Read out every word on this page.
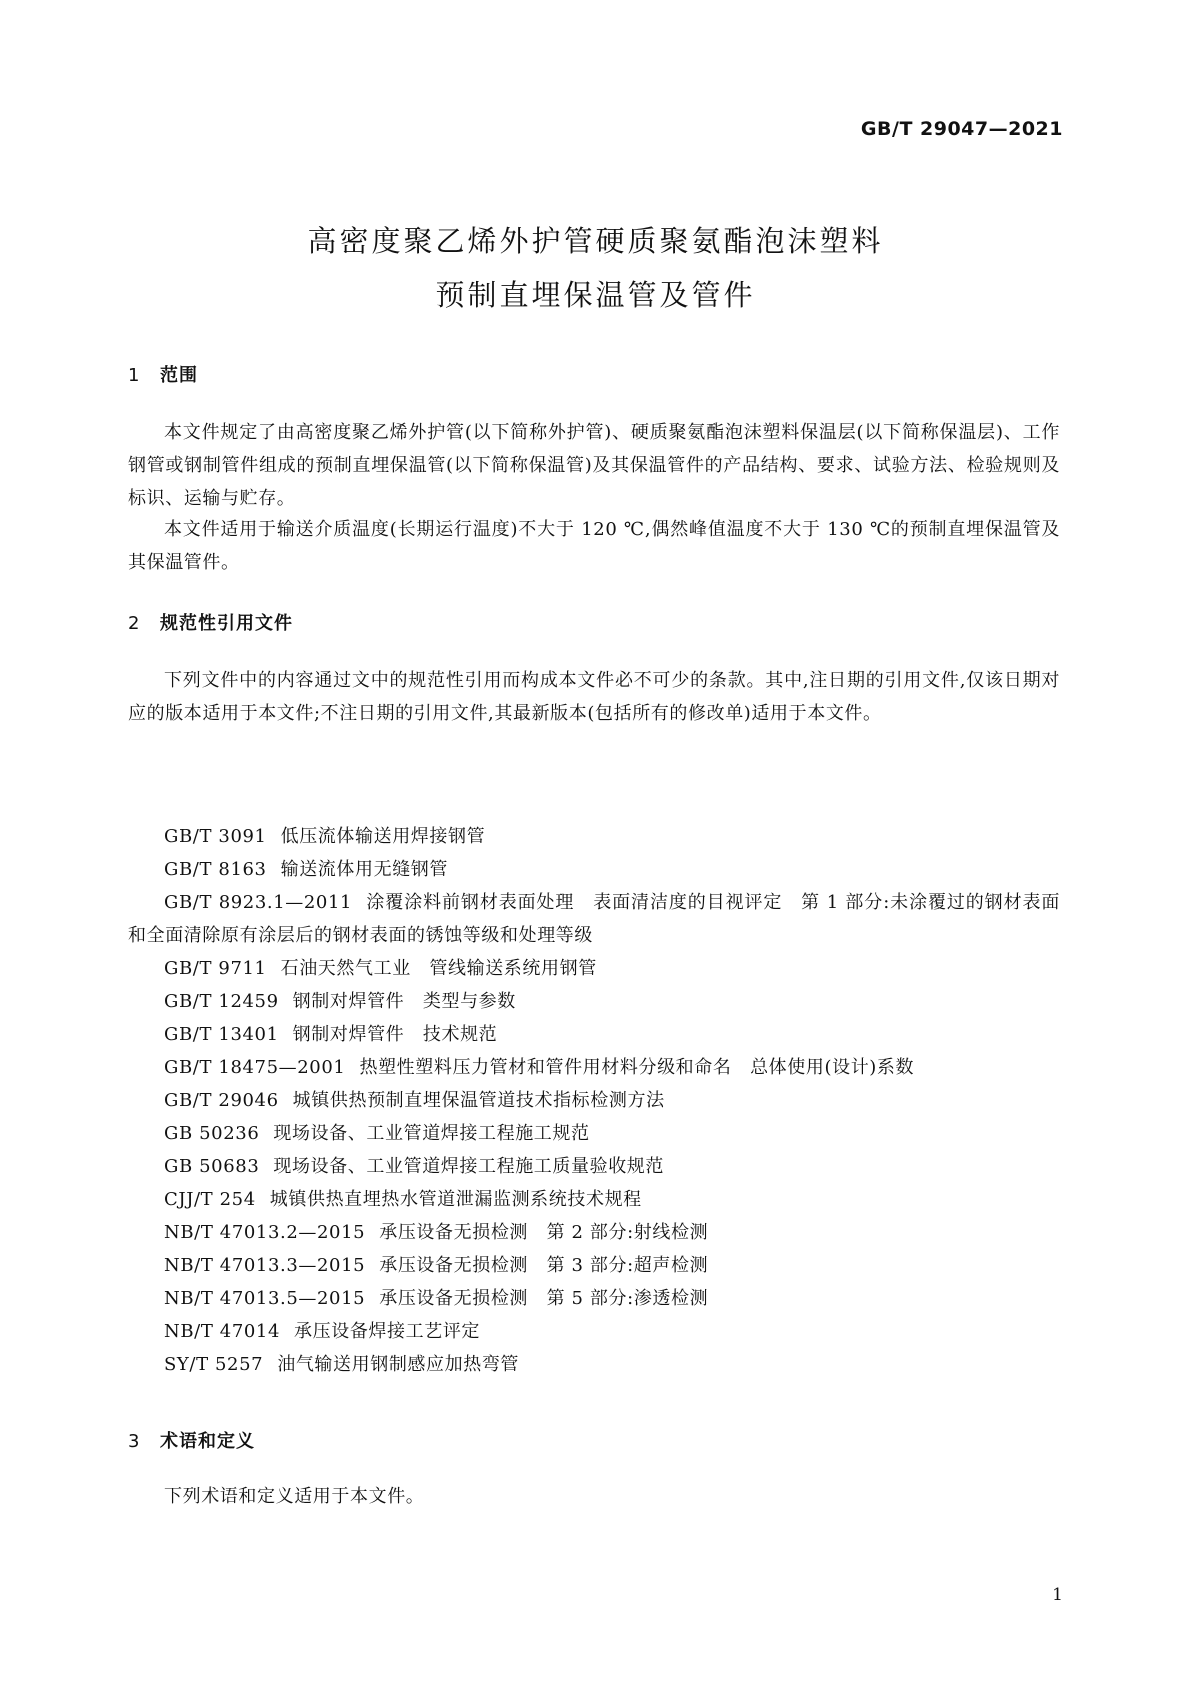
GB/T 29047—2021
高密度聚乙烯外护管硬质聚氨酯泡沫塑料
预制直埋保温管及管件
1 范围
本文件规定了由高密度聚乙烯外护管(以下简称外护管)、硬质聚氨酯泡沫塑料保温层(以下简称保温层)、工作钢管或钢制管件组成的预制直埋保温管(以下简称保温管)及其保温管件的产品结构、要求、试验方法、检验规则及标识、运输与贮存。
本文件适用于输送介质温度(长期运行温度)不大于 120 ℃,偶然峰值温度不大于 130 ℃的预制直埋保温管及其保温管件。
2 规范性引用文件
下列文件中的内容通过文中的规范性引用而构成本文件必不可少的条款。其中,注日期的引用文件,仅该日期对应的版本适用于本文件;不注日期的引用文件,其最新版本(包括所有的修改单)适用于本文件。
GB/T 3091 低压流体输送用焊接钢管
GB/T 8163 输送流体用无缝钢管
GB/T 8923.1—2011 涂覆涂料前钢材表面处理　表面清洁度的目视评定　第 1 部分:未涂覆过的钢材表面和全面清除原有涂层后的钢材表面的锈蚀等级和处理等级
GB/T 9711 石油天然气工业　管线输送系统用钢管
GB/T 12459 钢制对焊管件　类型与参数
GB/T 13401 钢制对焊管件　技术规范
GB/T 18475—2001 热塑性塑料压力管材和管件用材料分级和命名　总体使用(设计)系数
GB/T 29046 城镇供热预制直埋保温管道技术指标检测方法
GB 50236 现场设备、工业管道焊接工程施工规范
GB 50683 现场设备、工业管道焊接工程施工质量验收规范
CJJ/T 254 城镇供热直埋热水管道泄漏监测系统技术规程
NB/T 47013.2—2015 承压设备无损检测　第 2 部分:射线检测
NB/T 47013.3—2015 承压设备无损检测　第 3 部分:超声检测
NB/T 47013.5—2015 承压设备无损检测　第 5 部分:渗透检测
NB/T 47014 承压设备焊接工艺评定
SY/T 5257 油气输送用钢制感应加热弯管
3 术语和定义
下列术语和定义适用于本文件。
1
